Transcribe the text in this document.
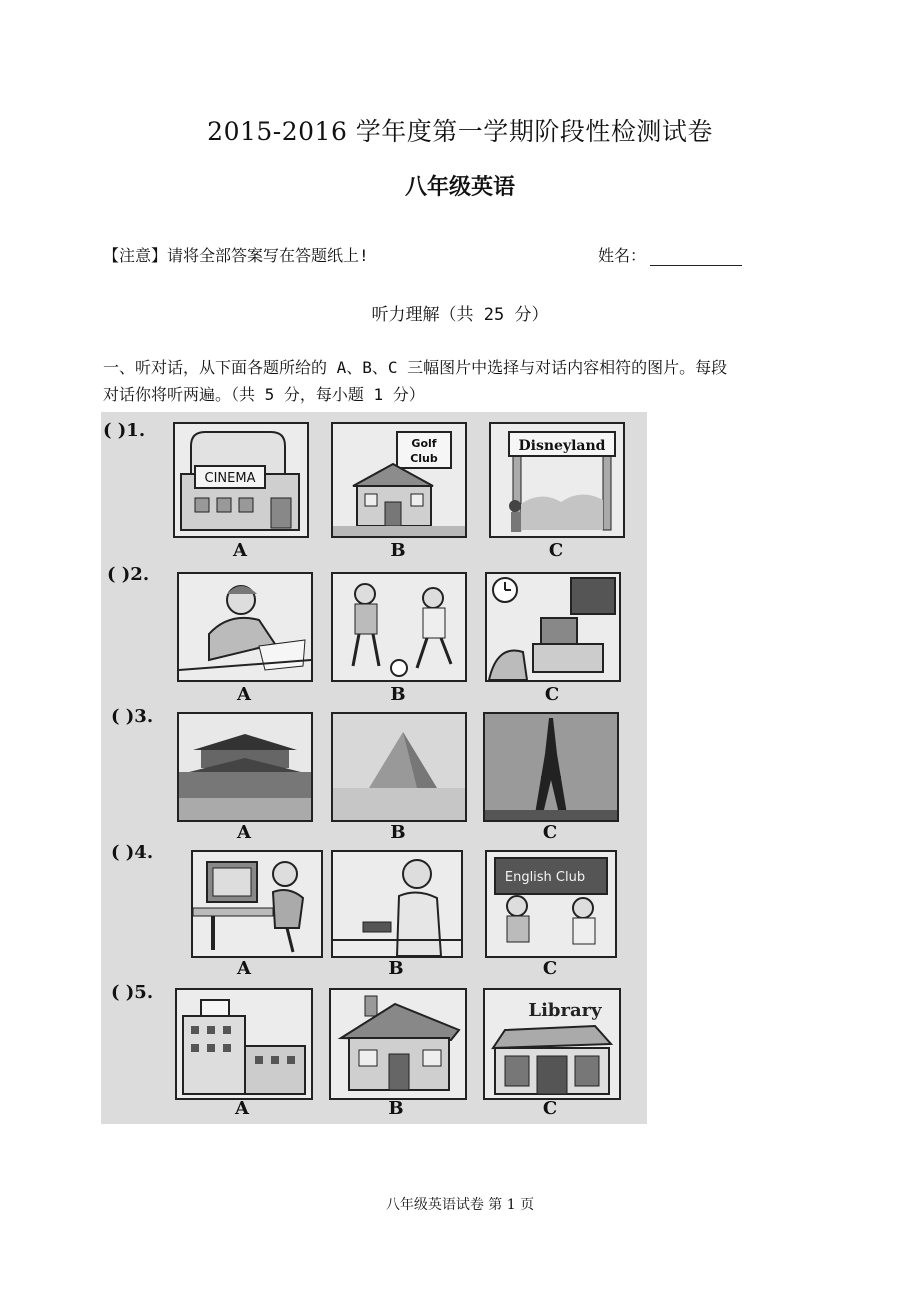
2015-2016 学年度第一学期阶段性检测试卷
八年级英语
【注意】请将全部答案写在答题纸上!	姓名：
听力理解（共 25 分）
一、听对话，从下面各题所给的 A、B、C 三幅图片中选择与对话内容相符的图片。每段
对话你将听两遍。（共 5 分，每小题 1 分）
( )1.
CINEMA
Golf
Club
Disneyland
A	B	C
( )2.
A	B	C
( )3.
A	B	C
( )4.
English Club
A	B	C
( )5.
Library
A	B	C
八年级英语试卷 第 1 页
